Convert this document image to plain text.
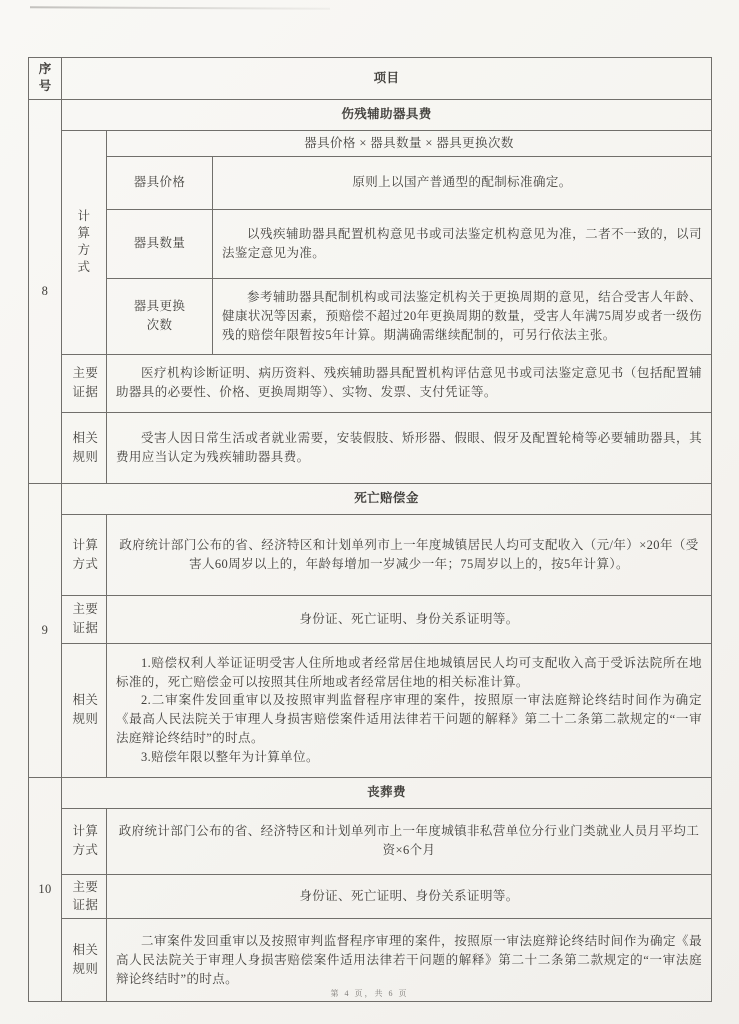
序号	项目		
8	伤残辅助器具费		
	计算方式	器具价格 × 器具数量 × 器具更换次数	
		器具价格	原则上以国产普通型的配制标准确定。
		器具数量	以残疾辅助器具配置机构意见书或司法鉴定机构意见为准，二者不一致的，以司法鉴定意见为准。
		器具更换次数	参考辅助器具配制机构或司法鉴定机构关于更换周期的意见，结合受害人年龄、健康状况等因素，预赔偿不超过20年更换周期的数量，受害人年满75周岁或者一级伤残的赔偿年限暂按5年计算。期满确需继续配制的，可另行依法主张。
	主要证据	医疗机构诊断证明、病历资料、残疾辅助器具配置机构评估意见书或司法鉴定意见书（包括配置辅助器具的必要性、价格、更换周期等）、实物、发票、支付凭证等。	
	相关规则	受害人因日常生活或者就业需要，安装假肢、矫形器、假眼、假牙及配置轮椅等必要辅助器具，其费用应当认定为残疾辅助器具费。	
9	死亡赔偿金		
	计算方式	政府统计部门公布的省、经济特区和计划单列市上一年度城镇居民人均可支配收入（元/年）×20年（受害人60周岁以上的，年龄每增加一岁减少一年；75周岁以上的，按5年计算）。	
	主要证据	身份证、死亡证明、身份关系证明等。	
	相关规则	1.赔偿权利人举证证明受害人住所地或者经常居住地城镇居民人均可支配收入高于受诉法院所在地标准的，死亡赔偿金可以按照其住所地或者经常居住地的相关标准计算。

2.二审案件发回重审以及按照审判监督程序审理的案件，按照原一审法庭辩论终结时间作为确定《最高人民法院关于审理人身损害赔偿案件适用法律若干问题的解释》第二十二条第二款规定的“一审法庭辩论终结时”的时点。

3.赔偿年限以整年为计算单位。	

10	丧葬费		
	计算方式	政府统计部门公布的省、经济特区和计划单列市上一年度城镇非私营单位分行业门类就业人员月平均工资×6个月	
	主要证据	身份证、死亡证明、身份关系证明等。	
	相关规则	二审案件发回重审以及按照审判监督程序审理的案件，按照原一审法庭辩论终结时间作为确定《最高人民法院关于审理人身损害赔偿案件适用法律若干问题的解释》第二十二条第二款规定的“一审法庭辩论终结时”的时点。	
第 4 页，共 6 页
